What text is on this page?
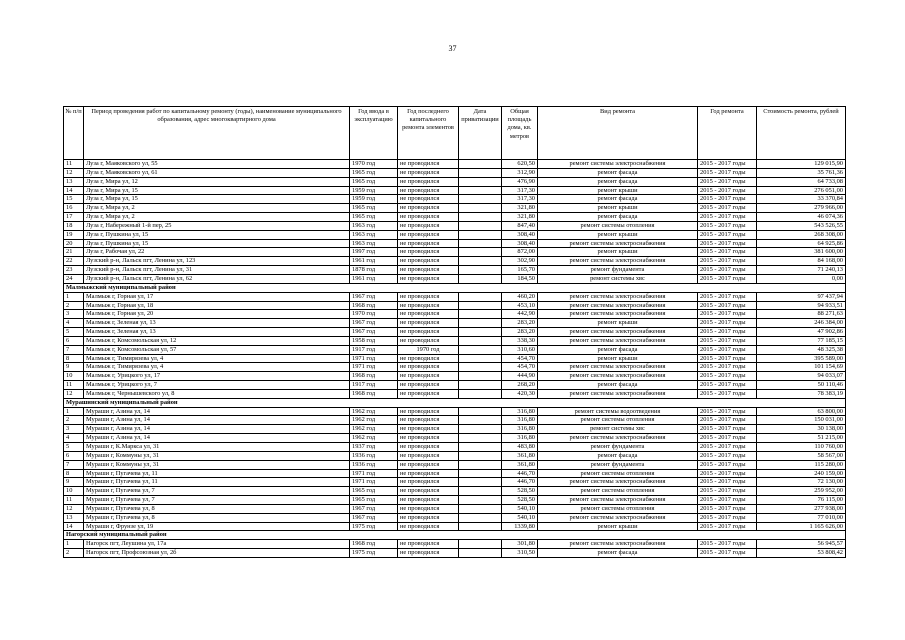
37
№ п/п	Период проведения работ по капитальному ремонту (годы), наименование муниципального образования, адрес многоквартирного дома	Год ввода в эксплуатацию	Год последнего капитального ремонта элементов	Дата приватизации	Общая площадь дома, кв. метров	Вид ремонта	Год ремонта	Стоимость ремонта, рублей
11	Луза г, Маяковского ул, 55	1970 год	не проводился		620,50	ремонт системы электроснабжения	2015 - 2017 годы	129 015,90
12	Луза г, Маяковского ул, 61	1965 год	не проводился		312,90	ремонт фасада	2015 - 2017 годы	35 761,36
13	Луза г, Мира ул, 12	1965 год	не проводился		476,90	ремонт фасада	2015 - 2017 годы	64 733,08
14	Луза г, Мира ул, 15	1959 год	не проводился		317,30	ремонт крыши	2015 - 2017 годы	276 051,00
15	Луза г, Мира ул, 15	1959 год	не проводился		317,30	ремонт фасада	2015 - 2017 годы	33 370,84
16	Луза г, Мира ул, 2	1965 год	не проводился		321,80	ремонт крыши	2015 - 2017 годы	279 966,00
17	Луза г, Мира ул, 2	1965 год	не проводился		321,80	ремонт фасада	2015 - 2017 годы	46 074,36
18	Луза г, Набережный 1-й пер, 25	1963 год	не проводился		847,40	ремонт системы отопления	2015 - 2017 годы	543 526,55
19	Луза г, Пушкина ул, 15	1963 год	не проводился		308,40	ремонт крыши	2015 - 2017 годы	268 308,00
20	Луза г, Пушкина ул, 15	1963 год	не проводился		308,40	ремонт системы электроснабжения	2015 - 2017 годы	64 925,86
21	Луза г, Рабочая ул, 22	1997 год	не проводился		872,00	ремонт крыши	2015 - 2017 годы	381 600,00
22	Лузский р-н, Лальск пгт, Ленина ул, 123	1961 год	не проводился		302,90	ремонт системы электроснабжения	2015 - 2017 годы	84 168,00
23	Лузский р-н, Лальск пгт, Ленина ул, 31	1878 год	не проводился		165,70	ремонт фундамента	2015 - 2017 годы	71 240,13
24	Лузский р-н, Лальск пгт, Ленина ул, 62	1961 год	не проводился		184,50	ремонт системы хвс	2015 - 2017 годы	0,00
Малмыжский муниципальный район								
1	Малмыж г, Горная ул, 17	1967 год	не проводился		460,20	ремонт системы электроснабжения	2015 - 2017 годы	97 437,94
2	Малмыж г, Горная ул, 18	1968 год	не проводился		453,10	ремонт системы электроснабжения	2015 - 2017 годы	94 933,51
3	Малмыж г, Горная ул, 20	1970 год	не проводился		442,90	ремонт системы электроснабжения	2015 - 2017 годы	88 271,63
4	Малмыж г, Зеленая ул, 13	1967 год	не проводился		283,20	ремонт крыши	2015 - 2017 годы	246 384,00
5	Малмыж г, Зеленая ул, 13	1967 год	не проводился		283,20	ремонт системы электроснабжения	2015 - 2017 годы	47 902,86
6	Малмыж г, Комсомольская ул, 12	1958 год	не проводился		338,30	ремонт системы электроснабжения	2015 - 2017 годы	77 185,15
7	Малмыж г, Комсомольская ул, 57	1917 год	1970 год		310,60	ремонт фасада	2015 - 2017 годы	48 325,38
8	Малмыж г, Тимирязева ул, 4	1971 год	не проводился		454,70	ремонт крыши	2015 - 2017 годы	395 589,00
9	Малмыж г, Тимирязева ул, 4	1971 год	не проводился		454,70	ремонт системы электроснабжения	2015 - 2017 годы	101 154,69
10	Малмыж г, Урицкого ул, 17	1968 год	не проводился		444,90	ремонт системы электроснабжения	2015 - 2017 годы	94 033,07
11	Малмыж г, Урицкого ул, 7	1917 год	не проводился		268,20	ремонт фасада	2015 - 2017 годы	50 110,46
12	Малмыж г, Чернышевского ул, 8	1968 год	не проводился		420,30	ремонт системы электроснабжения	2015 - 2017 годы	78 383,19
Мурашинский муниципальный район								
1	Мураши г, Азина ул, 14	1962 год	не проводился		316,80	ремонт системы водоотведения	2015 - 2017 годы	63 800,00
2	Мураши г, Азина ул, 14	1962 год	не проводился		316,80	ремонт системы отопления	2015 - 2017 годы	150 031,00
3	Мураши г, Азина ул, 14	1962 год	не проводился		316,80	ремонт системы хвс	2015 - 2017 годы	30 138,00
4	Мураши г, Азина ул, 14	1962 год	не проводился		316,80	ремонт системы электроснабжения	2015 - 2017 годы	51 215,00
5	Мураши г, К.Маркса ул, 31	1937 год	не проводился		483,80	ремонт фундамента	2015 - 2017 годы	110 760,00
6	Мураши г, Коммуны ул, 31	1936 год	не проводился		361,80	ремонт фасада	2015 - 2017 годы	58 567,00
7	Мураши г, Коммуны ул, 31	1936 год	не проводился		361,80	ремонт фундамента	2015 - 2017 годы	115 280,00
8	Мураши г, Пугачева ул, 11	1971 год	не проводился		446,70	ремонт системы отопления	2015 - 2017 годы	240 159,00
9	Мураши г, Пугачева ул, 11	1971 год	не проводился		446,70	ремонт системы электроснабжения	2015 - 2017 годы	72 130,00
10	Мураши г, Пугачева ул, 7	1965 год	не проводился		528,50	ремонт системы отопления	2015 - 2017 годы	259 952,00
11	Мураши г, Пугачева ул, 7	1965 год	не проводился		528,50	ремонт системы электроснабжения	2015 - 2017 годы	76 115,00
12	Мураши г, Пугачева ул, 8	1967 год	не проводился		540,10	ремонт системы отопления	2015 - 2017 годы	277 938,00
13	Мураши г, Пугачева ул, 8	1967 год	не проводился		540,10	ремонт системы электроснабжения	2015 - 2017 годы	77 010,00
14	Мураши г, Фрунзе ул, 19	1975 год	не проводился		1339,80	ремонт крыши	2015 - 2017 годы	1 165 626,00
Нагорский муниципальный район								
1	Нагорск пгт, Леушина ул, 17а	1968 год	не проводился		301,80	ремонт системы электроснабжения	2015 - 2017 годы	56 945,57
2	Нагорск пгт, Профсоюзная ул, 2б	1975 год	не проводился		310,50	ремонт фасада	2015 - 2017 годы	53 808,42
